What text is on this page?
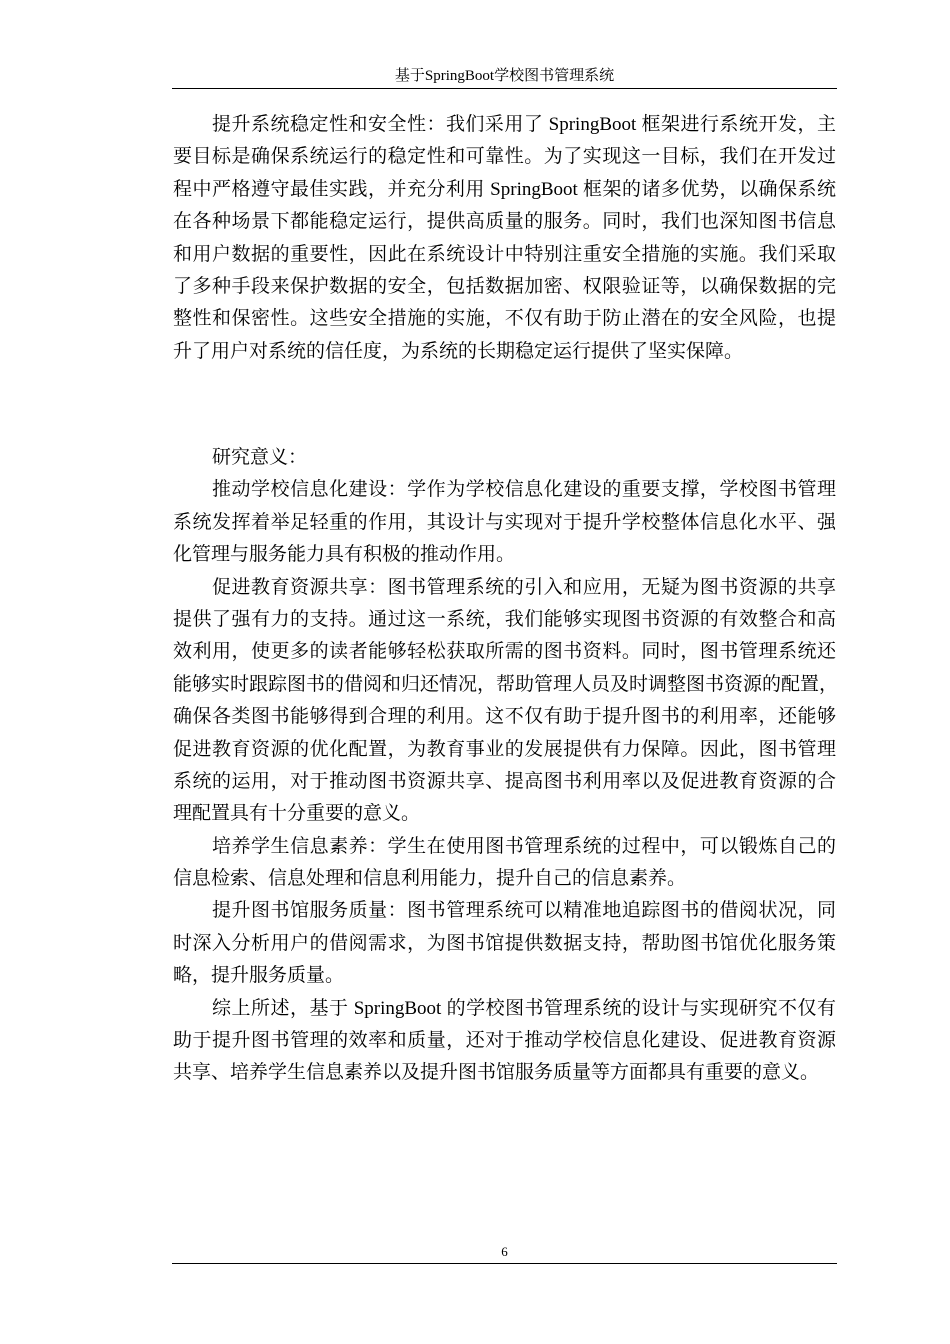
基于SpringBoot学校图书管理系统
提升系统稳定性和安全性：我们采用了 SpringBoot 框架进行系统开发，主
要目标是确保系统运行的稳定性和可靠性。为了实现这一目标，我们在开发过
程中严格遵守最佳实践，并充分利用 SpringBoot 框架的诸多优势，以确保系统
在各种场景下都能稳定运行，提供高质量的服务。同时，我们也深知图书信息
和用户数据的重要性，因此在系统设计中特别注重安全措施的实施。我们采取
了多种手段来保护数据的安全，包括数据加密、权限验证等，以确保数据的完
整性和保密性。这些安全措施的实施，不仅有助于防止潜在的安全风险，也提
升了用户对系统的信任度，为系统的长期稳定运行提供了坚实保障。
研究意义：
推动学校信息化建设：学作为学校信息化建设的重要支撑，学校图书管理
系统发挥着举足轻重的作用，其设计与实现对于提升学校整体信息化水平、强
化管理与服务能力具有积极的推动作用。
促进教育资源共享：图书管理系统的引入和应用，无疑为图书资源的共享
提供了强有力的支持。通过这一系统，我们能够实现图书资源的有效整合和高
效利用，使更多的读者能够轻松获取所需的图书资料。同时，图书管理系统还
能够实时跟踪图书的借阅和归还情况，帮助管理人员及时调整图书资源的配置，
确保各类图书能够得到合理的利用。这不仅有助于提升图书的利用率，还能够
促进教育资源的优化配置，为教育事业的发展提供有力保障。因此，图书管理
系统的运用，对于推动图书资源共享、提高图书利用率以及促进教育资源的合
理配置具有十分重要的意义。
培养学生信息素养：学生在使用图书管理系统的过程中，可以锻炼自己的
信息检索、信息处理和信息利用能力，提升自己的信息素养。
提升图书馆服务质量：图书管理系统可以精准地追踪图书的借阅状况，同
时深入分析用户的借阅需求，为图书馆提供数据支持，帮助图书馆优化服务策
略，提升服务质量。
综上所述，基于 SpringBoot 的学校图书管理系统的设计与实现研究不仅有
助于提升图书管理的效率和质量，还对于推动学校信息化建设、促进教育资源
共享、培养学生信息素养以及提升图书馆服务质量等方面都具有重要的意义。
6
